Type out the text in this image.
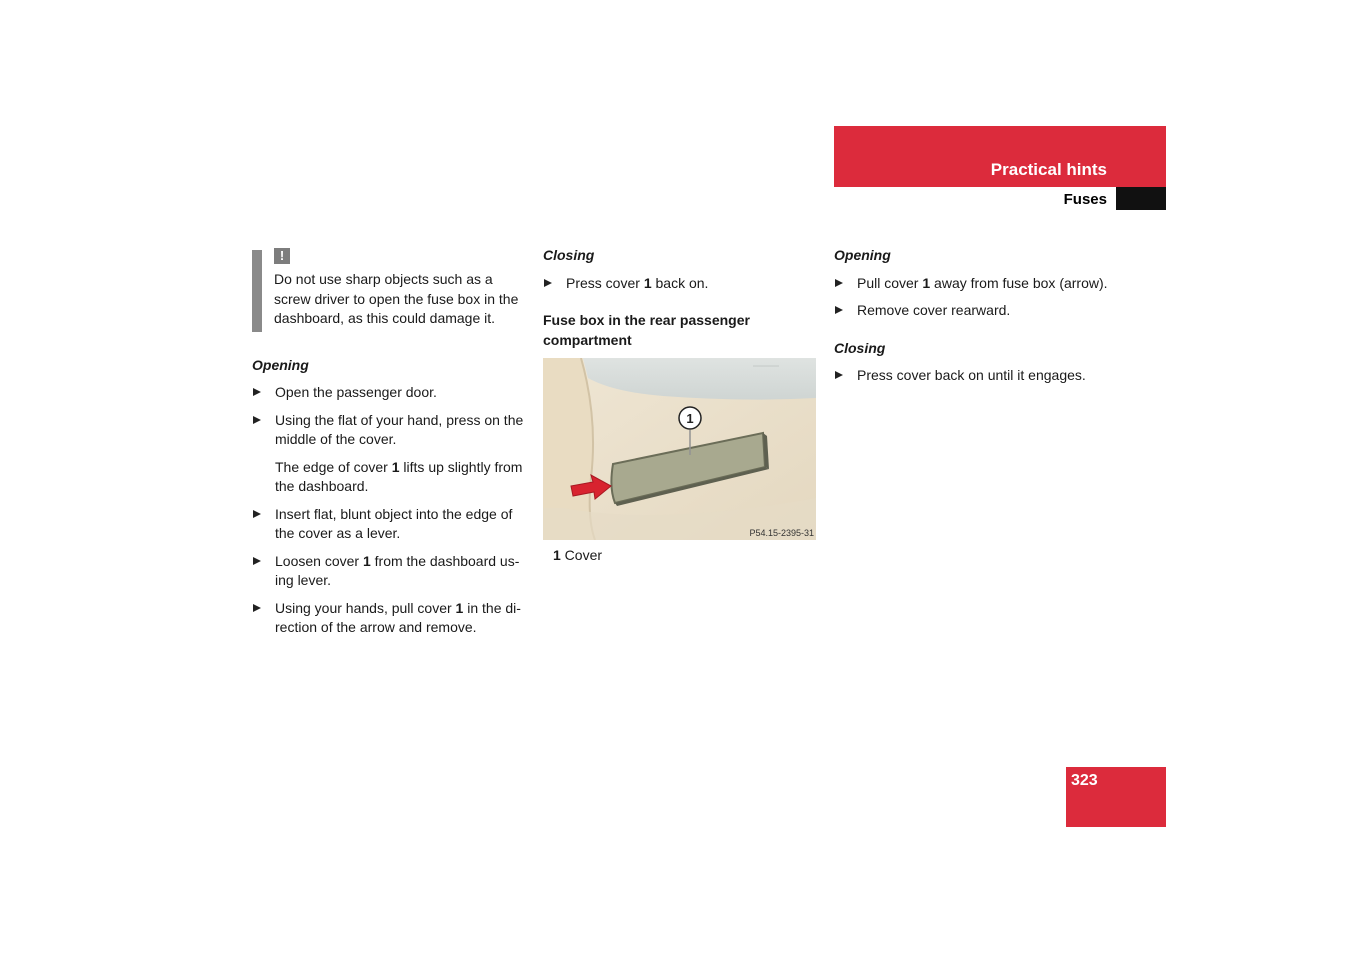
Practical hints
Fuses
!
Do not use sharp objects such as a screw driver to open the fuse box in the dashboard, as this could damage it.
Opening
Open the passenger door.
Using the flat of your hand, press on the middle of the cover.

The edge of cover 1 lifts up slightly from the dashboard.

Insert flat, blunt object into the edge of the cover as a lever.
Loosen cover 1 from the dashboard us-ing lever.
Using your hands, pull cover 1 in the di-rection of the arrow and remove.
Closing
Press cover 1 back on.
Fuse box in the rear passenger compartment
1
P54.15-2395-31
1 Cover
Opening
Pull cover 1 away from fuse box (arrow).
Remove cover rearward.
Closing
Press cover back on until it engages.
323
